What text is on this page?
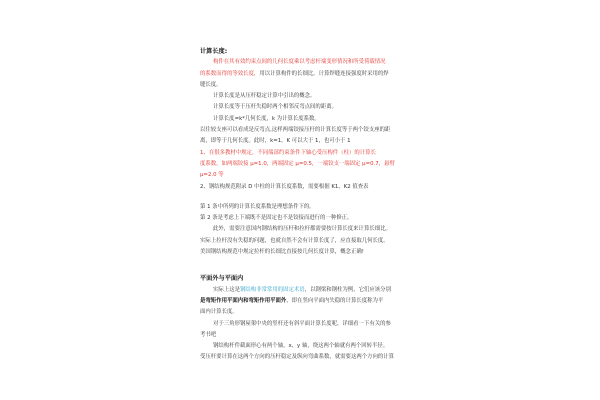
计算长度:
构件在其有效约束点间的几何长度乘以考虑杆端变形情况和所受荷载情况
的系数而得的等效长度，用以计算构件的长细比。计算焊缝连接强度时采用的焊
缝长度。
计算长度是从压杆稳定计算中引出的概念。
计算长度等于压杆失稳时两个相邻反弯点间的距离。
计算长度=k*几何长度，k 为计算长度系数。
以往较支座可以看成是反弯点,这样两端铰接压杆的计算长度等于两个铰支座的距
离，即等于几何长度。此时，k=1。K 可以大于 1，也可小于 1
1、在很多教材中规定，不同端部约束条件下轴心受压构件（柱）的计算长
度系数，如两端铰接 μ=1.0，两端固定 μ=0.5，一端铰支一端固定 μ=0.7，悬臂
μ=2.0 等
2、钢结构规范附录 D 中柱的计算长度系数，需要根据 K1、K2 值查表
第 1 条中所列的计算长度系数是理想条件下的。
第 2 条是考虑上下端既不是固定也不是铰接而进行的一种修正。
此外，需要注意国内钢结构的压杆和拉杆都需要按计算长度来计算长细比。
实际上拉杆没有失稳的问题，也就自然不会有计算长度了，应直接取几何长度。
美国钢结构规范中规定拉杆的长细比直接按几何长度计算，概念正确!
平面外与平面内
实际上这是钢结构非常常用的固定术语，以钢梁和钢柱为例，它们应该分别
是弯矩作用平面内和弯矩作用平面外，即在竖向平面内失稳的计算长度称为平
面内计算长度。
对于三角形钢屋架中央的竖杆还有斜平面计算长度呢，详细看一下有关的参
考书吧
钢结构杆件截面形心有两个轴，x、y 轴，绕这两个轴就有两个回转半径。
受压杆要计算在这两个方向的压杆稳定及纵向弯曲系数，就需要这两个方向的计算
